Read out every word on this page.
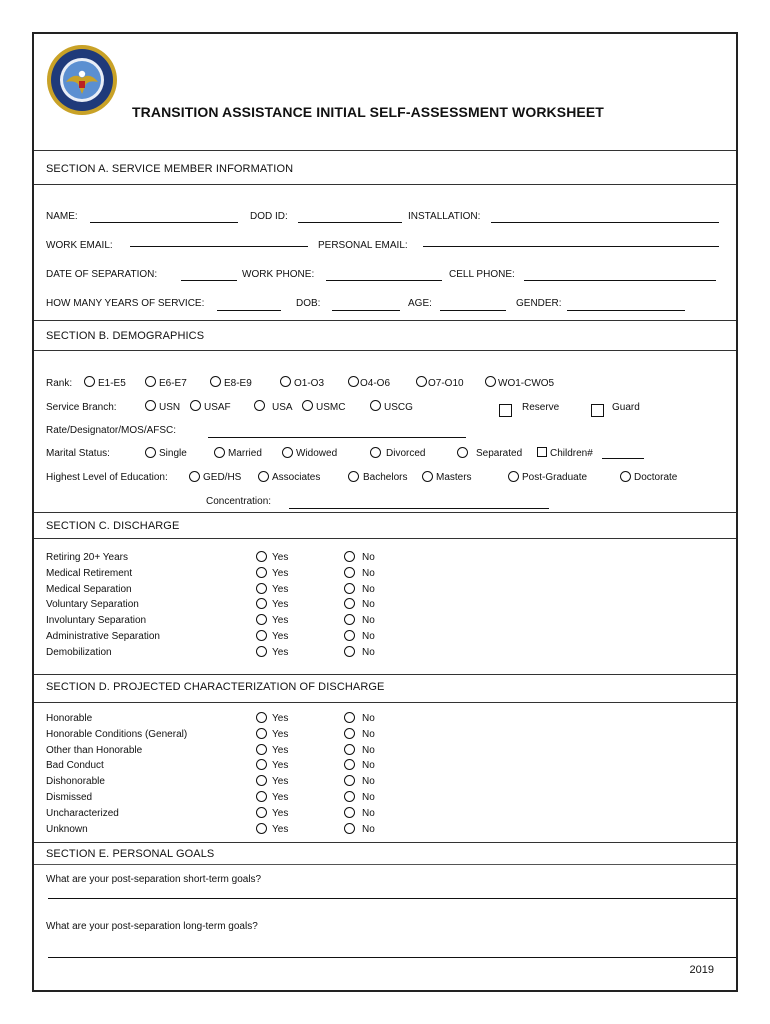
TRANSITION ASSISTANCE INITIAL SELF-ASSESSMENT WORKSHEET
SECTION A. SERVICE MEMBER INFORMATION
NAME:	DOD ID:	INSTALLATION:
WORK EMAIL:	PERSONAL EMAIL:
DATE OF SEPARATION:	WORK PHONE:	CELL PHONE:
HOW MANY YEARS OF SERVICE:	DOB:	AGE:	GENDER:
SECTION B. DEMOGRAPHICS
Rank:	E1-E5	E6-E7	E8-E9	O1-O3	O4-O6	O7-O10	WO1-CWO5
Service Branch:	USN USAF	USA USMC	USCG	Reserve	Guard
Rate/Designator/MOS/AFSC:
Marital Status:	Single	Married	Widowed	Divorced	Separated	Children#
Highest Level of Education:	GED/HS	Associates	Bachelors	Masters	Post-Graduate	Doctorate
Concentration:
SECTION C. DISCHARGE
Retiring 20+ Years	Yes	No
Medical Retirement	Yes	No
Medical Separation	Yes	No
Voluntary Separation	Yes	No
Involuntary Separation	Yes	No
Administrative Separation	Yes	No
Demobilization	Yes	No
SECTION D. PROJECTED CHARACTERIZATION OF DISCHARGE
Honorable	Yes	No
Honorable Conditions (General)	Yes	No
Other than Honorable	Yes	No
Bad Conduct	Yes	No
Dishonorable	Yes	No
Dismissed	Yes	No
Uncharacterized	Yes	No
Unknown	Yes	No
SECTION E. PERSONAL GOALS
What are your post-separation short-term goals?
What are your post-separation long-term goals?
2019
